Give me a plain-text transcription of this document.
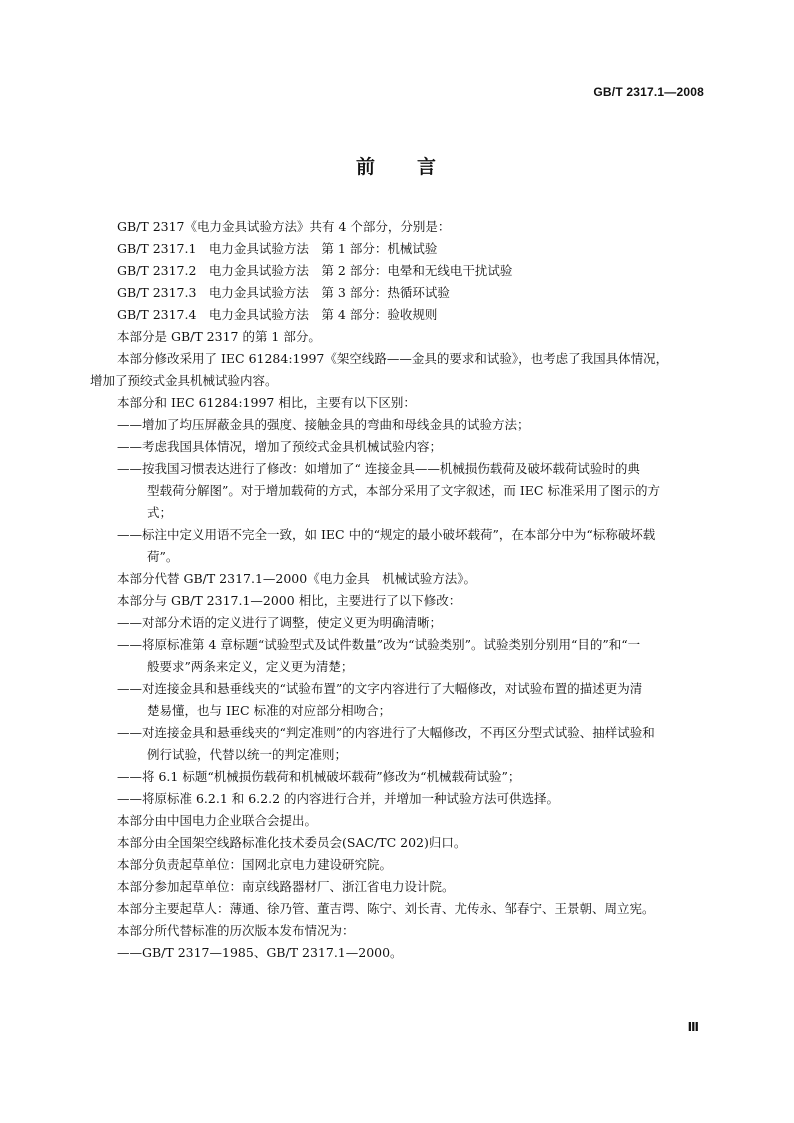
GB/T 2317.1—2008
前 言
GB/T 2317《电力金具试验方法》共有 4 个部分，分别是：
GB/T 2317.1　电力金具试验方法　第 1 部分：机械试验
GB/T 2317.2　电力金具试验方法　第 2 部分：电晕和无线电干扰试验
GB/T 2317.3　电力金具试验方法　第 3 部分：热循环试验
GB/T 2317.4　电力金具试验方法　第 4 部分：验收规则
本部分是 GB/T 2317 的第 1 部分。
本部分修改采用了 IEC 61284:1997《架空线路——金具的要求和试验》，也考虑了我国具体情况，
增加了预绞式金具机械试验内容。
本部分和 IEC 61284:1997 相比，主要有以下区别：
——增加了均压屏蔽金具的强度、接触金具的弯曲和母线金具的试验方法；
——考虑我国具体情况，增加了预绞式金具机械试验内容；
——按我国习惯表达进行了修改：如增加了“ 连接金具——机械损伤载荷及破坏载荷试验时的典
型载荷分解图”。对于增加载荷的方式，本部分采用了文字叙述，而 IEC 标准采用了图示的方
式；
——标注中定义用语不完全一致，如 IEC 中的“规定的最小破坏载荷”，在本部分中为“标称破坏载
荷”。
本部分代替 GB/T 2317.1—2000《电力金具　机械试验方法》。
本部分与 GB/T 2317.1—2000 相比，主要进行了以下修改：
——对部分术语的定义进行了调整，使定义更为明确清晰；
——将原标准第 4 章标题“试验型式及试件数量”改为“试验类别”。试验类别分别用“目的”和“一
般要求”两条来定义，定义更为清楚；
——对连接金具和悬垂线夹的“试验布置”的文字内容进行了大幅修改，对试验布置的描述更为清
楚易懂，也与 IEC 标准的对应部分相吻合；
——对连接金具和悬垂线夹的“判定准则”的内容进行了大幅修改，不再区分型式试验、抽样试验和
例行试验，代替以统一的判定准则；
——将 6.1 标题“机械损伤载荷和机械破坏载荷”修改为“机械载荷试验”；
——将原标准 6.2.1 和 6.2.2 的内容进行合并，并增加一种试验方法可供选择。
本部分由中国电力企业联合会提出。
本部分由全国架空线路标准化技术委员会(SAC/TC 202)归口。
本部分负责起草单位：国网北京电力建设研究院。
本部分参加起草单位：南京线路器材厂、浙江省电力设计院。
本部分主要起草人：薄通、徐乃管、董吉谔、陈宁、刘长青、尤传永、邹春宁、王景朝、周立宪。
本部分所代替标准的历次版本发布情况为：
——GB/T 2317—1985、GB/T 2317.1—2000。
Ⅲ
